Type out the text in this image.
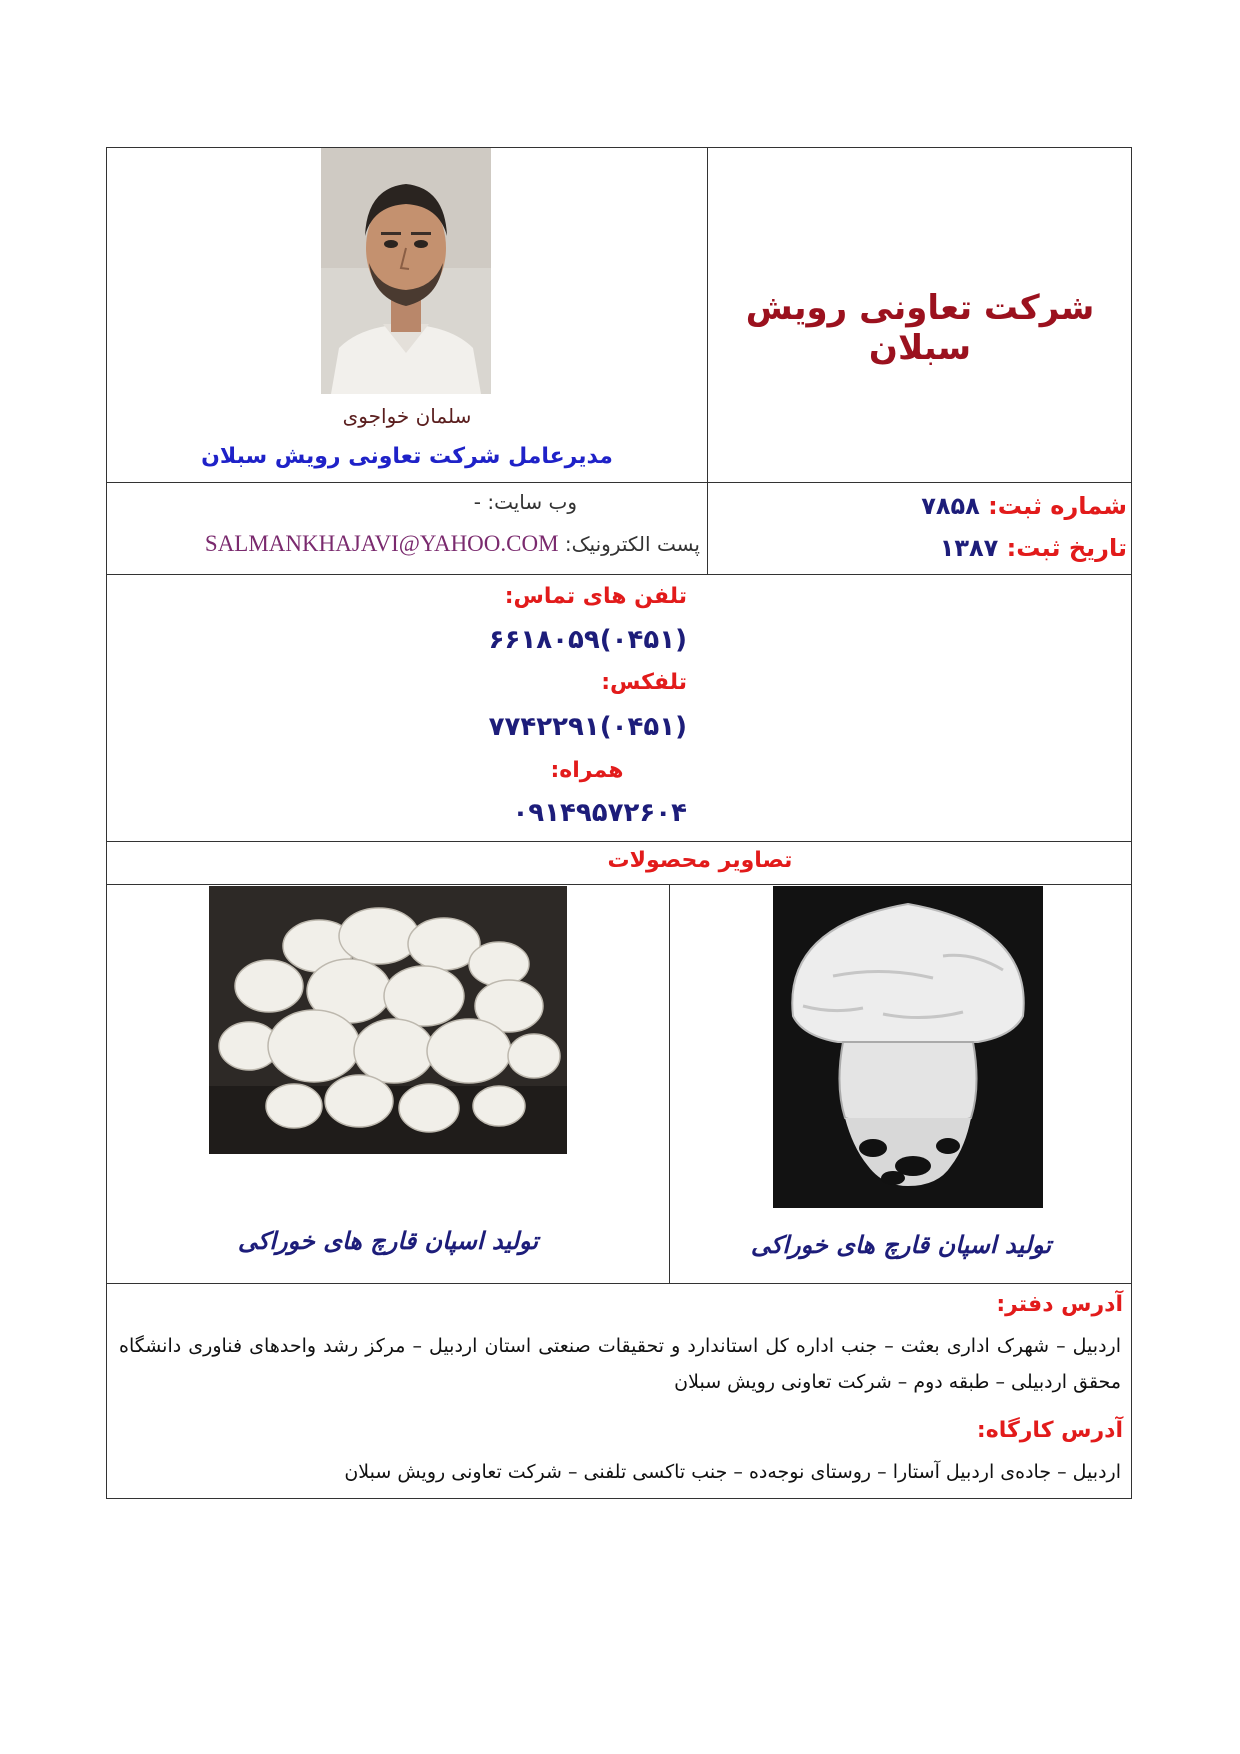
شرکت تعاونی رویش سبلان
سلمان خواجوی
مدیرعامل شرکت تعاونی رویش سبلان
شماره ثبت: ۷۸۵۸
تاریخ ثبت: ۱۳۸۷
وب سایت: -
پست الکترونیک: SALMANKHAJAVI@YAHOO.COM
تلفن های تماس:
۶۶۱۸۰۵۹(۰۴۵۱)
تلفکس:
۷۷۴۲۲۹۱(۰۴۵۱)
همراه:
۰۹۱۴۹۵۷۲۶۰۴
تصاویر محصولات
تولید اسپان قارچ های خوراکی	تولید اسپان قارچ های خوراکی
آدرس دفتر:
اردبیل – شهرک اداری بعثت – جنب اداره کل استاندارد و تحقیقات صنعتی استان اردبیل – مرکز رشد واحدهای فناوری دانشگاه محقق اردبیلی – طبقه دوم – شرکت تعاونی رویش سبلان
آدرس کارگاه:
اردبیل – جاده‌ی اردبیل آستارا – روستای نوجه‌ده – جنب تاکسی تلفنی – شرکت تعاونی رویش سبلان
